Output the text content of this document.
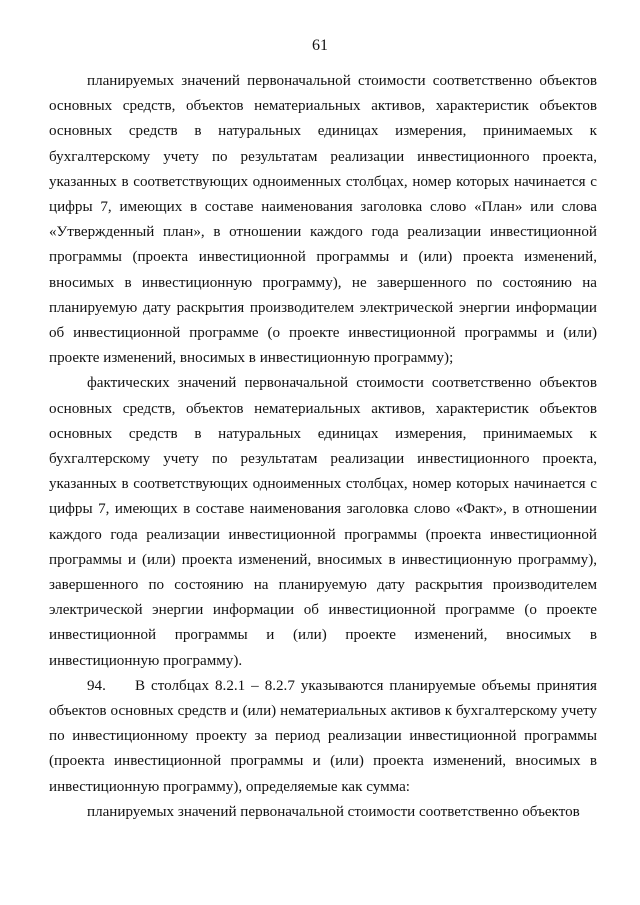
61

планируемых значений первоначальной стоимости соответственно объектов основных средств, объектов нематериальных активов, характеристик объектов основных средств в натуральных единицах измерения, принимаемых к бухгалтерскому учету по результатам реализации инвестиционного проекта, указанных в соответствующих одноименных столбцах, номер которых начинается с цифры 7, имеющих в составе наименования заголовка слово «План» или слова «Утвержденный план», в отношении каждого года реализации инвестиционной программы (проекта инвестиционной программы и (или) проекта изменений, вносимых в инвестиционную программу), не завершенного по состоянию на планируемую дату раскрытия производителем электрической энергии информации об инвестиционной программе (о проекте инвестиционной программы и (или) проекте изменений, вносимых в инвестиционную программу);

фактических значений первоначальной стоимости соответственно объектов основных средств, объектов нематериальных активов, характеристик объектов основных средств в натуральных единицах измерения, принимаемых к бухгалтерскому учету по результатам реализации инвестиционного проекта, указанных в соответствующих одноименных столбцах, номер которых начинается с цифры 7, имеющих в составе наименования заголовка слово «Факт», в отношении каждого года реализации инвестиционной программы (проекта инвестиционной программы и (или) проекта изменений, вносимых в инвестиционную программу), завершенного по состоянию на планируемую дату раскрытия производителем электрической энергии информации об инвестиционной программе (о проекте инвестиционной программы и (или) проекте изменений, вносимых в инвестиционную программу).

94. В столбцах 8.2.1 – 8.2.7 указываются планируемые объемы принятия объектов основных средств и (или) нематериальных активов к бухгалтерскому учету по инвестиционному проекту за период реализации инвестиционной программы (проекта инвестиционной программы и (или) проекта изменений, вносимых в инвестиционную программу), определяемые как сумма:

планируемых значений первоначальной стоимости соответственно объектов
